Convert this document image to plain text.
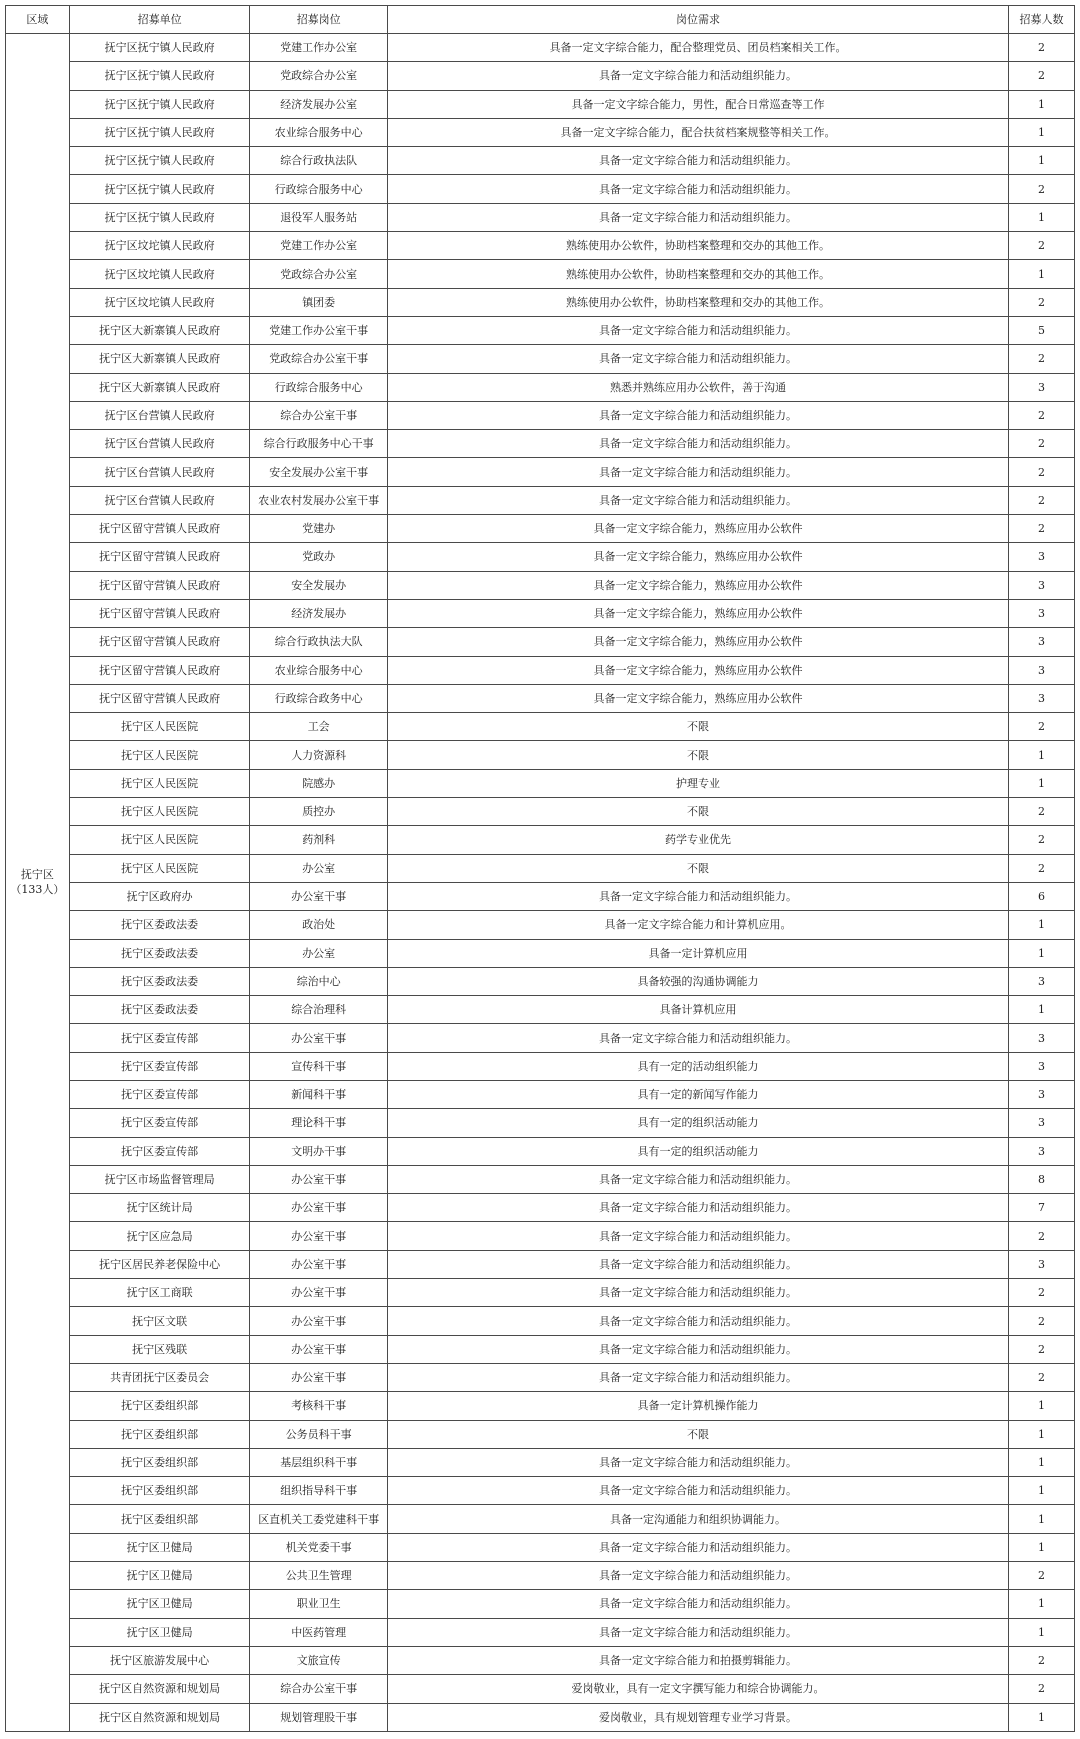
区域	招募单位	招募岗位	岗位需求	招募人数

抚宁区
（133人）	抚宁区抚宁镇人民政府	党建工作办公室	具备一定文字综合能力，配合整理党员、团员档案相关工作。	2
	抚宁区抚宁镇人民政府	党政综合办公室	具备一定文字综合能力和活动组织能力。	2
	抚宁区抚宁镇人民政府	经济发展办公室	具备一定文字综合能力，男性，配合日常巡查等工作	1
	抚宁区抚宁镇人民政府	农业综合服务中心	具备一定文字综合能力，配合扶贫档案规整等相关工作。	1
	抚宁区抚宁镇人民政府	综合行政执法队	具备一定文字综合能力和活动组织能力。	1
	抚宁区抚宁镇人民政府	行政综合服务中心	具备一定文字综合能力和活动组织能力。	2
	抚宁区抚宁镇人民政府	退役军人服务站	具备一定文字综合能力和活动组织能力。	1
	抚宁区坟坨镇人民政府	党建工作办公室	熟练使用办公软件，协助档案整理和交办的其他工作。	2
	抚宁区坟坨镇人民政府	党政综合办公室	熟练使用办公软件，协助档案整理和交办的其他工作。	1
	抚宁区坟坨镇人民政府	镇团委	熟练使用办公软件，协助档案整理和交办的其他工作。	2
	抚宁区大新寨镇人民政府	党建工作办公室干事	具备一定文字综合能力和活动组织能力。	5
	抚宁区大新寨镇人民政府	党政综合办公室干事	具备一定文字综合能力和活动组织能力。	2
	抚宁区大新寨镇人民政府	行政综合服务中心	熟悉并熟练应用办公软件，善于沟通	3
	抚宁区台营镇人民政府	综合办公室干事	具备一定文字综合能力和活动组织能力。	2
	抚宁区台营镇人民政府	综合行政服务中心干事	具备一定文字综合能力和活动组织能力。	2
	抚宁区台营镇人民政府	安全发展办公室干事	具备一定文字综合能力和活动组织能力。	2
	抚宁区台营镇人民政府	农业农村发展办公室干事	具备一定文字综合能力和活动组织能力。	2
	抚宁区留守营镇人民政府	党建办	具备一定文字综合能力，熟练应用办公软件	2
	抚宁区留守营镇人民政府	党政办	具备一定文字综合能力，熟练应用办公软件	3
	抚宁区留守营镇人民政府	安全发展办	具备一定文字综合能力，熟练应用办公软件	3
	抚宁区留守营镇人民政府	经济发展办	具备一定文字综合能力，熟练应用办公软件	3
	抚宁区留守营镇人民政府	综合行政执法大队	具备一定文字综合能力，熟练应用办公软件	3
	抚宁区留守营镇人民政府	农业综合服务中心	具备一定文字综合能力，熟练应用办公软件	3
	抚宁区留守营镇人民政府	行政综合政务中心	具备一定文字综合能力，熟练应用办公软件	3
	抚宁区人民医院	工会	不限	2
	抚宁区人民医院	人力资源科	不限	1
	抚宁区人民医院	院感办	护理专业	1
	抚宁区人民医院	质控办	不限	2
	抚宁区人民医院	药剂科	药学专业优先	2
	抚宁区人民医院	办公室	不限	2
	抚宁区政府办	办公室干事	具备一定文字综合能力和活动组织能力。	6
	抚宁区委政法委	政治处	具备一定文字综合能力和计算机应用。	1
	抚宁区委政法委	办公室	具备一定计算机应用	1
	抚宁区委政法委	综治中心	具备较强的沟通协调能力	3
	抚宁区委政法委	综合治理科	具备计算机应用	1
	抚宁区委宣传部	办公室干事	具备一定文字综合能力和活动组织能力。	3
	抚宁区委宣传部	宣传科干事	具有一定的活动组织能力	3
	抚宁区委宣传部	新闻科干事	具有一定的新闻写作能力	3
	抚宁区委宣传部	理论科干事	具有一定的组织活动能力	3
	抚宁区委宣传部	文明办干事	具有一定的组织活动能力	3
	抚宁区市场监督管理局	办公室干事	具备一定文字综合能力和活动组织能力。	8
	抚宁区统计局	办公室干事	具备一定文字综合能力和活动组织能力。	7
	抚宁区应急局	办公室干事	具备一定文字综合能力和活动组织能力。	2
	抚宁区居民养老保险中心	办公室干事	具备一定文字综合能力和活动组织能力。	3
	抚宁区工商联	办公室干事	具备一定文字综合能力和活动组织能力。	2
	抚宁区文联	办公室干事	具备一定文字综合能力和活动组织能力。	2
	抚宁区残联	办公室干事	具备一定文字综合能力和活动组织能力。	2
	共青团抚宁区委员会	办公室干事	具备一定文字综合能力和活动组织能力。	2
	抚宁区委组织部	考核科干事	具备一定计算机操作能力	1
	抚宁区委组织部	公务员科干事	不限	1
	抚宁区委组织部	基层组织科干事	具备一定文字综合能力和活动组织能力。	1
	抚宁区委组织部	组织指导科干事	具备一定文字综合能力和活动组织能力。	1
	抚宁区委组织部	区直机关工委党建科干事	具备一定沟通能力和组织协调能力。	1
	抚宁区卫健局	机关党委干事	具备一定文字综合能力和活动组织能力。	1
	抚宁区卫健局	公共卫生管理	具备一定文字综合能力和活动组织能力。	2
	抚宁区卫健局	职业卫生	具备一定文字综合能力和活动组织能力。	1
	抚宁区卫健局	中医药管理	具备一定文字综合能力和活动组织能力。	1
	抚宁区旅游发展中心	文旅宣传	具备一定文字综合能力和拍摄剪辑能力。	2
	抚宁区自然资源和规划局	综合办公室干事	爱岗敬业，具有一定文字撰写能力和综合协调能力。	2
	抚宁区自然资源和规划局	规划管理股干事	爱岗敬业，具有规划管理专业学习背景。	1
